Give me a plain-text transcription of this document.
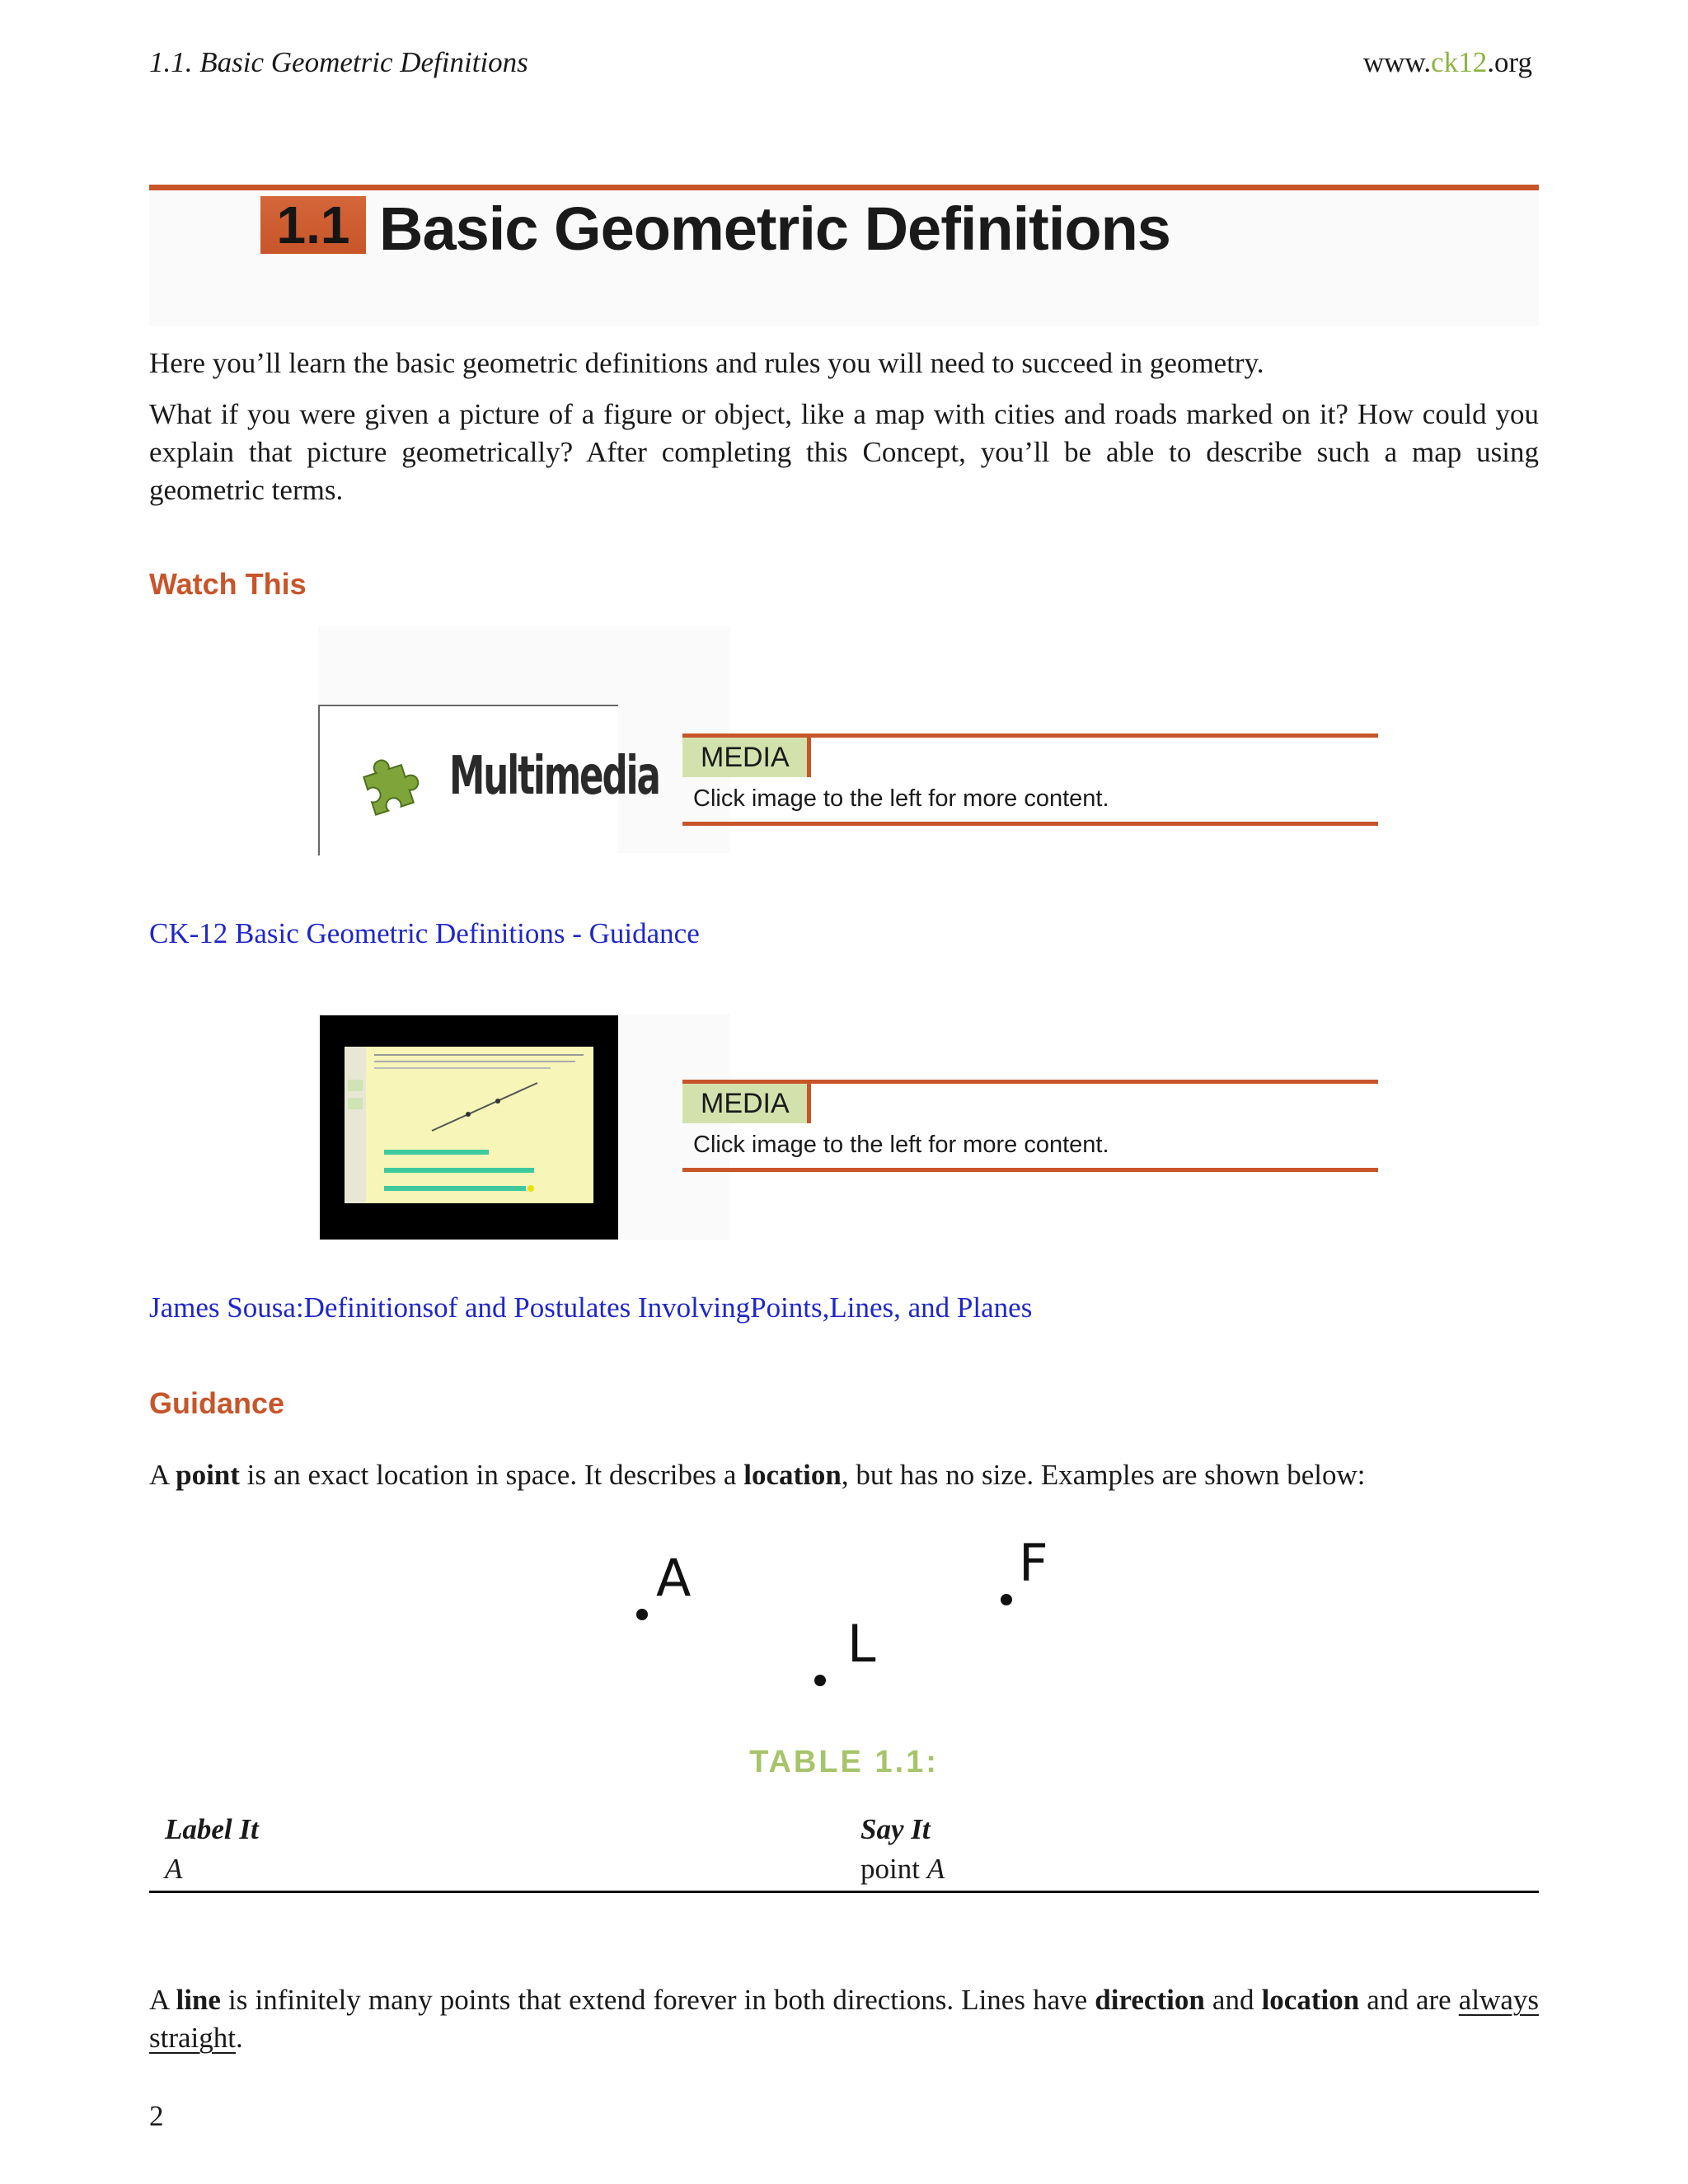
1.1. Basic Geometric Definitions	www.ck12.org
1.1 Basic Geometric Definitions
Here you’ll learn the basic geometric definitions and rules you will need to succeed in geometry.
What if you were given a picture of a figure or object, like a map with cities and roads marked on it? How could you explain that picture geometrically? After completing this Concept, you’ll be able to describe such a map using geometric terms.
Watch This
Multimedia	MEDIA
Click image to the left for more content.
CK-12 Basic Geometric Definitions - Guidance
MEDIA
Click image to the left for more content.
James Sousa:Definitionsof and Postulates InvolvingPoints,Lines, and Planes
Guidance
A point is an exact location in space. It describes a location, but has no size. Examples are shown below:
A
L
F
TABLE 1.1:
Label It	Say It
A	point A
A line is infinitely many points that extend forever in both directions. Lines have direction and location and are always straight.
2
